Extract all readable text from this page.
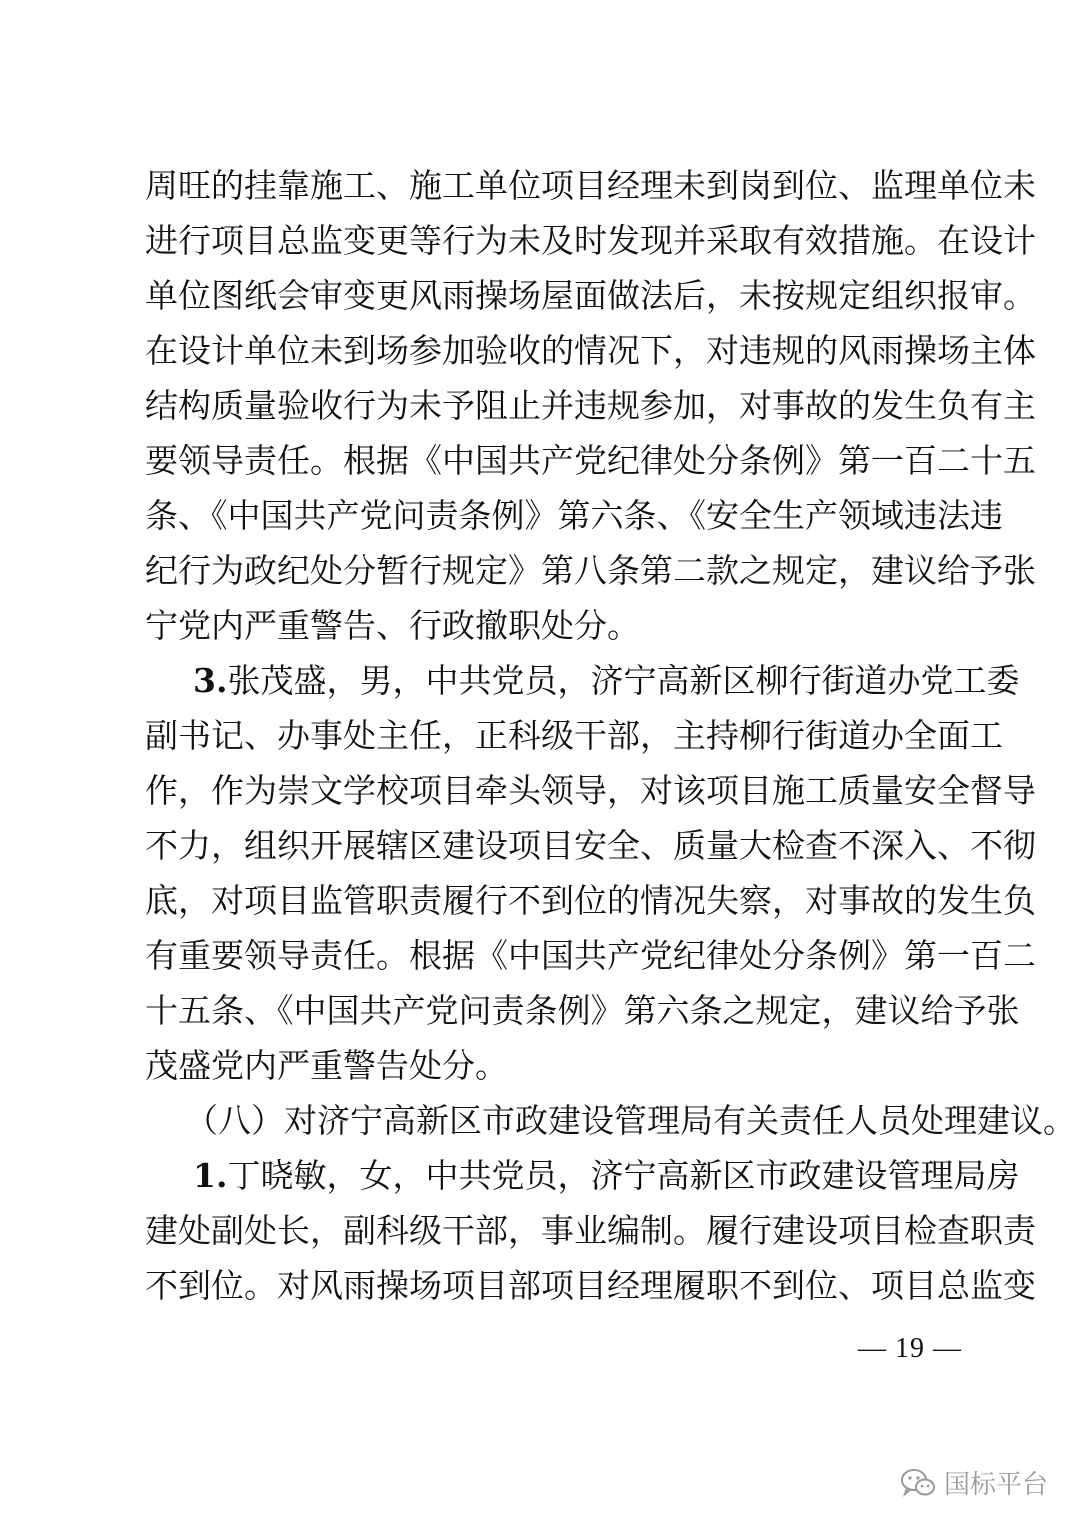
周旺的挂靠施工、施工单位项目经理未到岗到位、监理单位未
进行项目总监变更等行为未及时发现并采取有效措施。在设计
单位图纸会审变更风雨操场屋面做法后，未按规定组织报审。
在设计单位未到场参加验收的情况下，对违规的风雨操场主体
结构质量验收行为未予阻止并违规参加，对事故的发生负有主
要领导责任。根据《中国共产党纪律处分条例》第一百二十五
条、《中国共产党问责条例》第六条、《安全生产领域违法违
纪行为政纪处分暂行规定》第八条第二款之规定，建议给予张
宁党内严重警告、行政撤职处分。
3.张茂盛，男，中共党员，济宁高新区柳行街道办党工委
副书记、办事处主任，正科级干部，主持柳行街道办全面工
作，作为崇文学校项目牵头领导，对该项目施工质量安全督导
不力，组织开展辖区建设项目安全、质量大检查不深入、不彻
底，对项目监管职责履行不到位的情况失察，对事故的发生负
有重要领导责任。根据《中国共产党纪律处分条例》第一百二
十五条、《中国共产党问责条例》第六条之规定，建议给予张
茂盛党内严重警告处分。
（八）对济宁高新区市政建设管理局有关责任人员处理建议。
1.丁晓敏，女，中共党员，济宁高新区市政建设管理局房
建处副处长，副科级干部，事业编制。履行建设项目检查职责
不到位。对风雨操场项目部项目经理履职不到位、项目总监变
— 19 —
国标平台
